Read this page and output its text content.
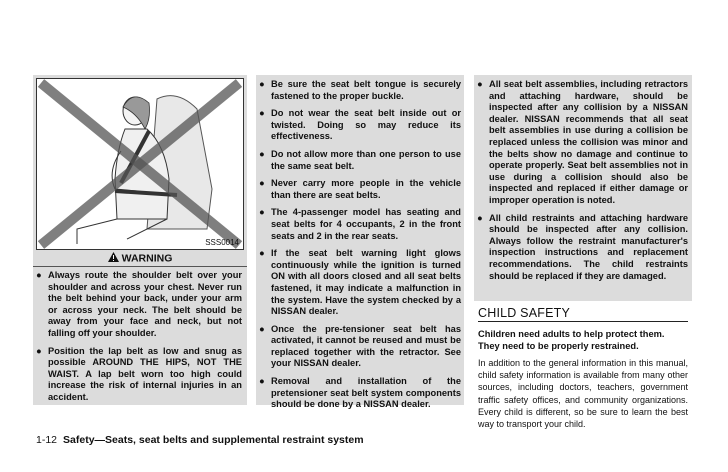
SSS0014
WARNING
● Always route the shoulder belt over your shoulder and across your chest. Never run the belt behind your back, under your arm or across your neck. The belt should be away from your face and neck, but not falling off your shoulder.
● Position the lap belt as low and snug as possible AROUND THE HIPS, NOT THE WAIST. A lap belt worn too high could increase the risk of internal injuries in an accident.
● Be sure the seat belt tongue is securely fastened to the proper buckle.
● Do not wear the seat belt inside out or twisted. Doing so may reduce its effectiveness.
● Do not allow more than one person to use the same seat belt.
● Never carry more people in the vehicle than there are seat belts.
● The 4-passenger model has seating and seat belts for 4 occupants, 2 in the front seats and 2 in the rear seats.
● If the seat belt warning light glows continuously while the ignition is turned ON with all doors closed and all seat belts fastened, it may indicate a malfunction in the system. Have the system checked by a NISSAN dealer.
● Once the pre-tensioner seat belt has activated, it cannot be reused and must be replaced together with the retractor. See your NISSAN dealer.
● Removal and installation of the pretensioner seat belt system components should be done by a NISSAN dealer.
● All seat belt assemblies, including retractors and attaching hardware, should be inspected after any collision by a NISSAN dealer. NISSAN recommends that all seat belt assemblies in use during a collision be replaced unless the collision was minor and the belts show no damage and continue to operate properly. Seat belt assemblies not in use during a collision should also be inspected and replaced if either damage or improper operation is noted.
● All child restraints and attaching hardware should be inspected after any collision. Always follow the restraint manufacturer's inspection instructions and replacement recommendations. The child restraints should be replaced if they are damaged.
CHILD SAFETY
Children need adults to help protect them. They need to be properly restrained.
In addition to the general information in this manual, child safety information is available from many other sources, including doctors, teachers, government traffic safety offices, and community organizations. Every child is different, so be sure to learn the best way to transport your child.
1-12 Safety—Seats, seat belts and supplemental restraint system
